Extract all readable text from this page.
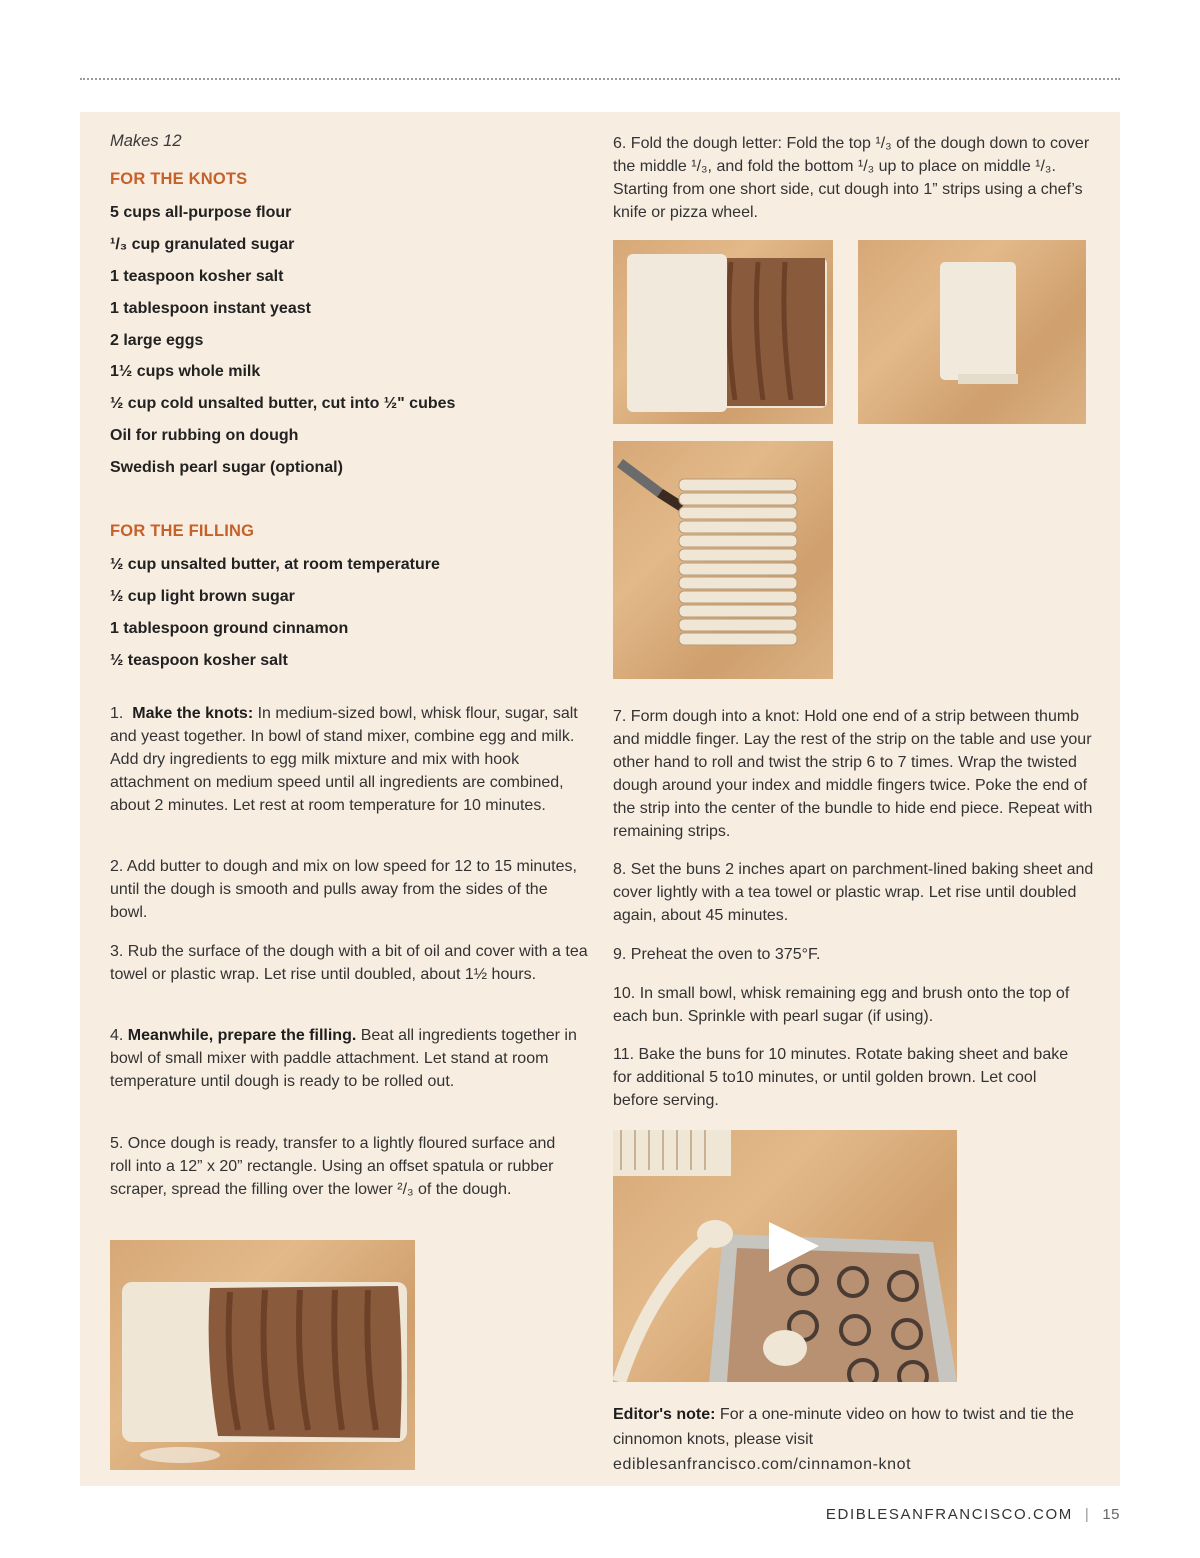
Makes 12
FOR THE KNOTS
5 cups all-purpose flour
¹/₃ cup granulated sugar
1 teaspoon kosher salt
1 tablespoon instant yeast
2 large eggs
1½ cups whole milk
½ cup cold unsalted butter, cut into ½" cubes
Oil for rubbing on dough
Swedish pearl sugar (optional)
FOR THE FILLING
½ cup unsalted butter, at room temperature
½ cup light brown sugar
1 tablespoon ground cinnamon
½ teaspoon kosher salt

1. Make the knots: In medium-sized bowl, whisk flour, sugar, salt and yeast together. In bowl of stand mixer, combine egg and milk. Add dry ingredients to egg milk mixture and mix with hook attachment on medium speed until all ingredients are combined, about 2 minutes. Let rest at room temperature for 10 minutes.

2. Add butter to dough and mix on low speed for 12 to 15 minutes, until the dough is smooth and pulls away from the sides of the bowl.

3. Rub the surface of the dough with a bit of oil and cover with a tea towel or plastic wrap. Let rise until doubled, about 1½ hours.

4. Meanwhile, prepare the filling. Beat all ingredients together in bowl of small mixer with paddle attachment. Let stand at room temperature until dough is ready to be rolled out.

5. Once dough is ready, transfer to a lightly floured surface and roll into a 12” x 20” rectangle. Using an offset spatula or rubber scraper, spread the filling over the lower ²/₃ of the dough.

6. Fold the dough letter: Fold the top ¹/₃ of the dough down to cover the middle ¹/₃, and fold the bottom ¹/₃ up to place on middle ¹/₃. Starting from one short side, cut dough into 1” strips using a chef’s knife or pizza wheel.

7. Form dough into a knot: Hold one end of a strip between thumb and middle finger. Lay the rest of the strip on the table and use your other hand to roll and twist the strip 6 to 7 times. Wrap the twisted dough around your index and middle fingers twice. Poke the end of the strip into the center of the bundle to hide end piece. Repeat with remaining strips.

8. Set the buns 2 inches apart on parchment-lined baking sheet and cover lightly with a tea towel or plastic wrap. Let rise until doubled again, about 45 minutes.

9. Preheat the oven to 375°F.

10. In small bowl, whisk remaining egg and brush onto the top of each bun. Sprinkle with pearl sugar (if using).

11. Bake the buns for 10 minutes. Rotate baking sheet and bake for additional 5 to10 minutes, or until golden brown. Let cool before serving.

Editor's note: For a one-minute video on how to twist and tie the cinnomon knots, please visit
ediblesanfrancisco.com/cinnamon-knot

EDIBLESANFRANCISCO.COM | 15
